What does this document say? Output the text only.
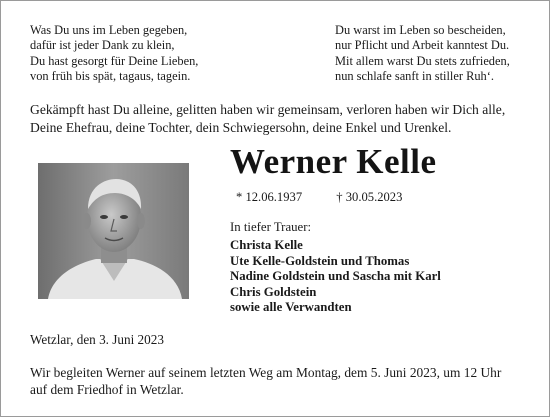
Was Du uns im Leben gegeben,
dafür ist jeder Dank zu klein,
Du hast gesorgt für Deine Lieben,
von früh bis spät, tagaus, tagein.
Du warst im Leben so bescheiden,
nur Pflicht und Arbeit kanntest Du.
Mit allem warst Du stets zufrieden,
nun schlafe sanft in stiller Ruh‘.
Gekämpft hast Du alleine, gelitten haben wir gemeinsam, verloren haben wir Dich alle,
Deine Ehefrau, deine Tochter, dein Schwiegersohn, deine Enkel und Urenkel.
Werner Kelle
* 12.06.1937	† 30.05.2023
In tiefer Trauer:
Christa Kelle
Ute Kelle-Goldstein und Thomas
Nadine Goldstein und Sascha mit Karl
Chris Goldstein
sowie alle Verwandten
Wetzlar, den 3. Juni 2023
Wir begleiten Werner auf seinem letzten Weg am Montag, dem 5. Juni 2023, um 12 Uhr
auf dem Friedhof in Wetzlar.
